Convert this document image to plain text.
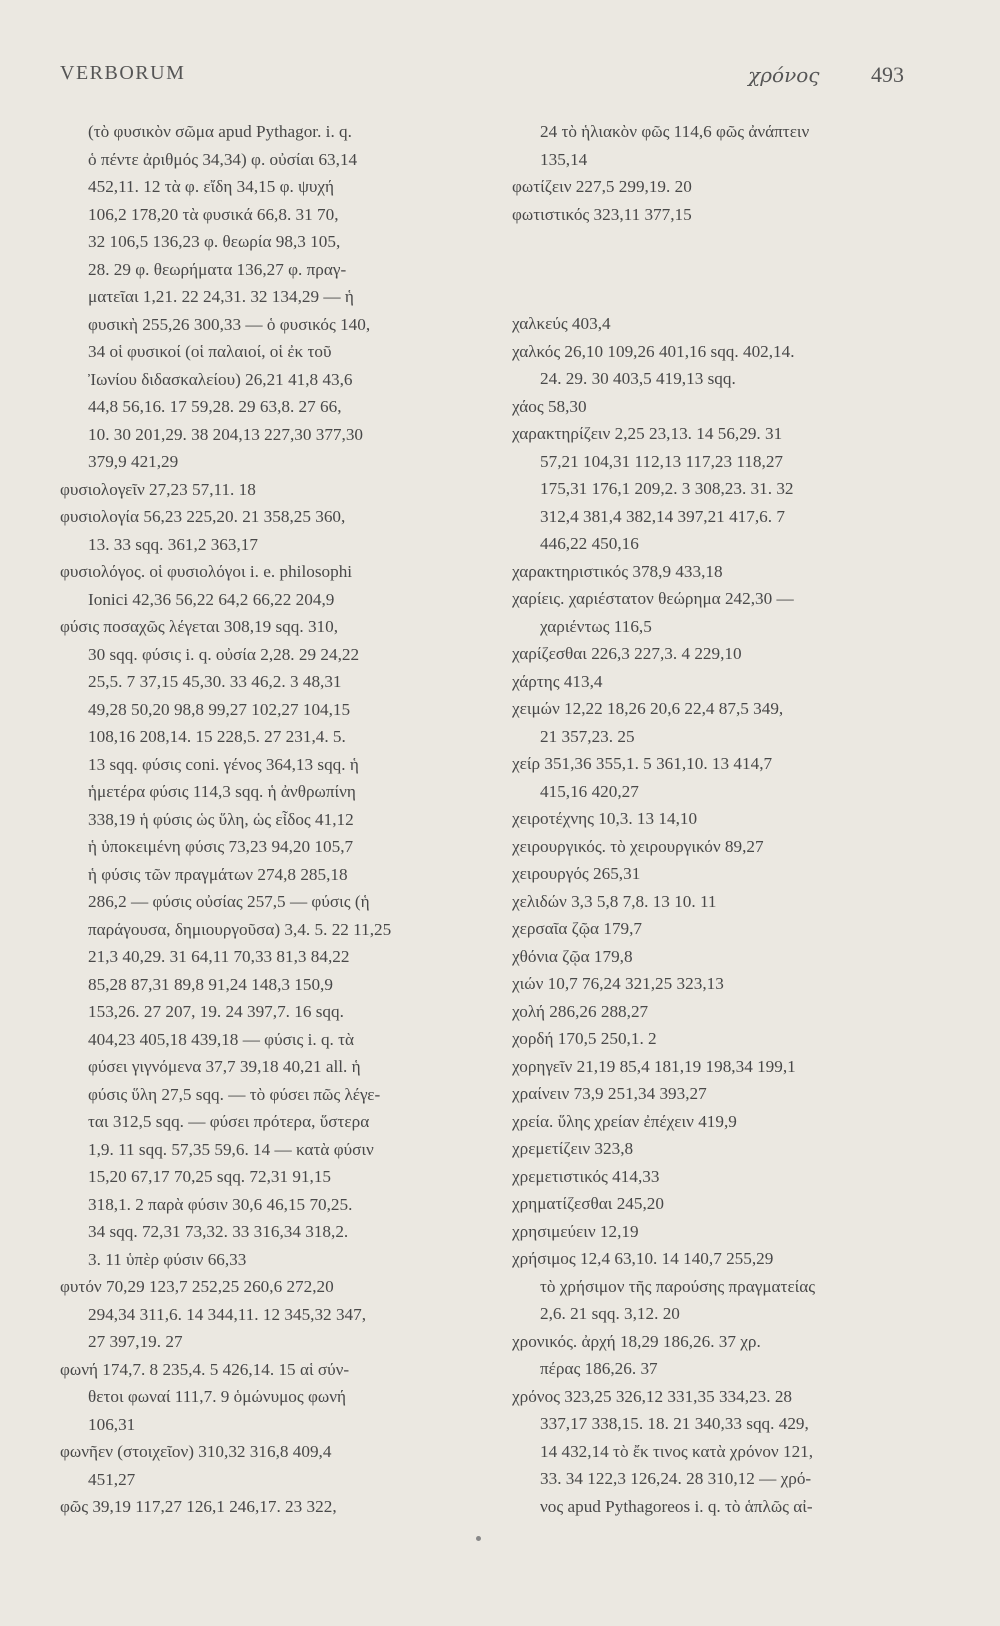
VERBORUM	χρόνος 493
(τὸ φυσικὸν σῶμα apud Pythagor. i. q.
ὁ πέντε ἀριθμός 34,34) φ. οὐσίαι 63,14
452,11. 12 τὰ φ. εἴδη 34,15 φ. ψυχή
106,2 178,20 τὰ φυσικά 66,8. 31 70,
32 106,5 136,23 φ. θεωρία 98,3 105,
28. 29 φ. θεωρήματα 136,27 φ. πραγ-
ματεῖαι 1,21. 22 24,31. 32 134,29 — ἡ
φυσικὴ 255,26 300,33 — ὁ φυσικός 140,
34 οἱ φυσικοί (οἱ παλαιοί, οἱ ἐκ τοῦ
Ἰωνίου διδασκαλείου) 26,21 41,8 43,6
44,8 56,16. 17 59,28. 29 63,8. 27 66,
10. 30 201,29. 38 204,13 227,30 377,30
379,9 421,29
φυσιολογεῖν 27,23 57,11. 18
φυσιολογία 56,23 225,20. 21 358,25 360,
13. 33 sqq. 361,2 363,17
φυσιολόγος. οἱ φυσιολόγοι i. e. philosophi
Ionici 42,36 56,22 64,2 66,22 204,9
φύσις ποσαχῶς λέγεται 308,19 sqq. 310,
30 sqq. φύσις i. q. οὐσία 2,28. 29 24,22
25,5. 7 37,15 45,30. 33 46,2. 3 48,31
49,28 50,20 98,8 99,27 102,27 104,15
108,16 208,14. 15 228,5. 27 231,4. 5.
13 sqq. φύσις coni. γένος 364,13 sqq. ἡ
ἡμετέρα φύσις 114,3 sqq. ἡ ἀνθρωπίνη
338,19 ἡ φύσις ὡς ὕλη, ὡς εἶδος 41,12
ἡ ὑποκειμένη φύσις 73,23 94,20 105,7
ἡ φύσις τῶν πραγμάτων 274,8 285,18
286,2 — φύσις οὐσίας 257,5 — φύσις (ἡ
παράγουσα, δημιουργοῦσα) 3,4. 5. 22 11,25
21,3 40,29. 31 64,11 70,33 81,3 84,22
85,28 87,31 89,8 91,24 148,3 150,9
153,26. 27 207, 19. 24 397,7. 16 sqq.
404,23 405,18 439,18 — φύσις i. q. τὰ
φύσει γιγνόμενα 37,7 39,18 40,21 all. ἡ
φύσις ὕλη 27,5 sqq. — τὸ φύσει πῶς λέγε-
ται 312,5 sqq. — φύσει πρότερα, ὕστερα
1,9. 11 sqq. 57,35 59,6. 14 — κατὰ φύσιν
15,20 67,17 70,25 sqq. 72,31 91,15
318,1. 2 παρὰ φύσιν 30,6 46,15 70,25.
34 sqq. 72,31 73,32. 33 316,34 318,2.
3. 11 ὑπὲρ φύσιν 66,33
φυτόν 70,29 123,7 252,25 260,6 272,20
294,34 311,6. 14 344,11. 12 345,32 347,
27 397,19. 27
φωνή 174,7. 8 235,4. 5 426,14. 15 αἱ σύν-
θετοι φωναί 111,7. 9 ὁμώνυμος φωνή
106,31
φωνῆεν (στοιχεῖον) 310,32 316,8 409,4
451,27
φῶς 39,19 117,27 126,1 246,17. 23 322,
24 τὸ ἡλιακὸν φῶς 114,6 φῶς ἀνάπτειν
135,14
φωτίζειν 227,5 299,19. 20
φωτιστικός 323,11 377,15
χαλκεύς 403,4
χαλκός 26,10 109,26 401,16 sqq. 402,14.
24. 29. 30 403,5 419,13 sqq.
χάος 58,30
χαρακτηρίζειν 2,25 23,13. 14 56,29. 31
57,21 104,31 112,13 117,23 118,27
175,31 176,1 209,2. 3 308,23. 31. 32
312,4 381,4 382,14 397,21 417,6. 7
446,22 450,16
χαρακτηριστικός 378,9 433,18
χαρίεις. χαριέστατον θεώρημα 242,30 —
χαριέντως 116,5
χαρίζεσθαι 226,3 227,3. 4 229,10
χάρτης 413,4
χειμών 12,22 18,26 20,6 22,4 87,5 349,
21 357,23. 25
χείρ 351,36 355,1. 5 361,10. 13 414,7
415,16 420,27
χειροτέχνης 10,3. 13 14,10
χειρουργικός. τὸ χειρουργικόν 89,27
χειρουργός 265,31
χελιδών 3,3 5,8 7,8. 13 10. 11
χερσαῖα ζῷα 179,7
χθόνια ζῷα 179,8
χιών 10,7 76,24 321,25 323,13
χολή 286,26 288,27
χορδή 170,5 250,1. 2
χορηγεῖν 21,19 85,4 181,19 198,34 199,1
χραίνειν 73,9 251,34 393,27
χρεία. ὕλης χρείαν ἐπέχειν 419,9
χρεμετίζειν 323,8
χρεμετιστικός 414,33
χρηματίζεσθαι 245,20
χρησιμεύειν 12,19
χρήσιμος 12,4 63,10. 14 140,7 255,29
τὸ χρήσιμον τῆς παρούσης πραγματείας
2,6. 21 sqq. 3,12. 20
χρονικός. ἀρχή 18,29 186,26. 37 χρ.
πέρας 186,26. 37
χρόνος 323,25 326,12 331,35 334,23. 28
337,17 338,15. 18. 21 340,33 sqq. 429,
14 432,14 τὸ ἔκ τινος κατὰ χρόνον 121,
33. 34 122,3 126,24. 28 310,12 — χρό-
νος apud Pythagoreos i. q. τὸ ἁπλῶς αἰ-
